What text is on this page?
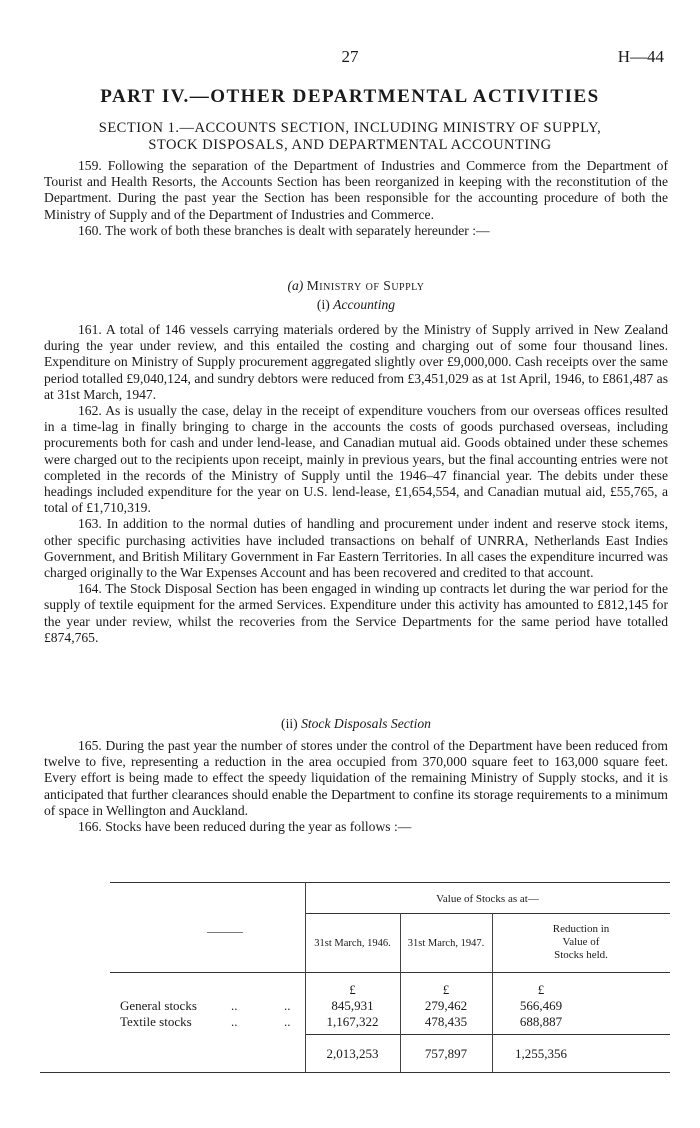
27	H—44
PART IV.—OTHER DEPARTMENTAL ACTIVITIES
SECTION 1.—ACCOUNTS SECTION, INCLUDING MINISTRY OF SUPPLY,
STOCK DISPOSALS, AND DEPARTMENTAL ACCOUNTING

159. Following the separation of the Department of Industries and Commerce from the Department of Tourist and Health Resorts, the Accounts Section has been reorganized in keeping with the reconstitution of the Department. During the past year the Section has been responsible for the accounting procedure of both the Ministry of Supply and of the Department of Industries and Commerce.

160. The work of both these branches is dealt with separately hereunder :—

(a) Ministry of Supply

(i) Accounting

161. A total of 146 vessels carrying materials ordered by the Ministry of Supply arrived in New Zealand during the year under review, and this entailed the costing and charging out of some four thousand lines. Expenditure on Ministry of Supply procurement aggregated slightly over £9,000,000. Cash receipts over the same period totalled £9,040,124, and sundry debtors were reduced from £3,451,029 as at 1st April, 1946, to £861,487 as at 31st March, 1947.

162. As is usually the case, delay in the receipt of expenditure vouchers from our overseas offices resulted in a time-lag in finally bringing to charge in the accounts the costs of goods purchased overseas, including procurements both for cash and under lend-lease, and Canadian mutual aid. Goods obtained under these schemes were charged out to the recipients upon receipt, mainly in previous years, but the final accounting entries were not completed in the records of the Ministry of Supply until the 1946–47 financial year. The debits under these headings included expenditure for the year on U.S. lend-lease, £1,654,554, and Canadian mutual aid, £55,765, a total of £1,710,319.

163. In addition to the normal duties of handling and procurement under indent and reserve stock items, other specific purchasing activities have included transactions on behalf of UNRRA, Netherlands East Indies Government, and British Military Government in Far Eastern Territories. In all cases the expenditure incurred was charged originally to the War Expenses Account and has been recovered and credited to that account.

164. The Stock Disposal Section has been engaged in winding up contracts let during the war period for the supply of textile equipment for the armed Services. Expenditure under this activity has amounted to £812,145 for the year under review, whilst the recoveries from the Service Departments for the same period have totalled £874,765.

(ii) Stock Disposals Section

165. During the past year the number of stores under the control of the Department have been reduced from twelve to five, representing a reduction in the area occupied from 370,000 square feet to 163,000 square feet. Every effort is being made to effect the speedy liquidation of the remaining Ministry of Supply stocks, and it is anticipated that further clearances should enable the Department to confine its storage requirements to a minimum of space in Wellington and Auckland.

166. Stocks have been reduced during the year as follows :—

———
Value of Stocks as at—
31st March, 1946.	31st March, 1947.
Reduction in
Value of
Stocks held.
£	£	£
General stocks	..	..	845,931	279,462	566,469
Textile stocks	..	..	1,167,322	478,435	688,887
2,013,253	757,897	1,255,356
